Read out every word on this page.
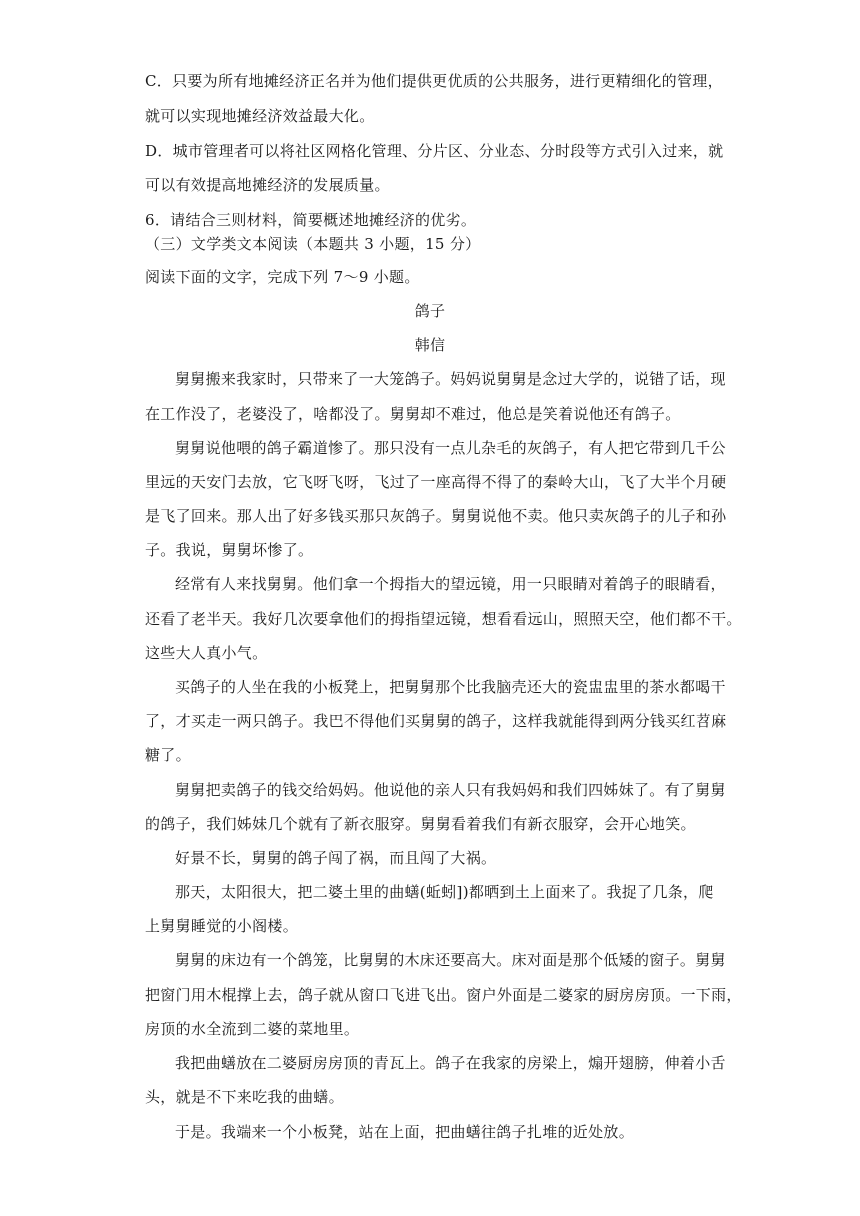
C．只要为所有地摊经济正名并为他们提供更优质的公共服务，进行更精细化的管理，
就可以实现地摊经济效益最大化。
D．城市管理者可以将社区网格化管理、分片区、分业态、分时段等方式引入过来，就
可以有效提高地摊经济的发展质量。
6．请结合三则材料，简要概述地摊经济的优劣。
（三）文学类文本阅读（本题共 3 小题，15 分）
阅读下面的文字，完成下列 7～9 小题。
鸽子
韩信
舅舅搬来我家时，只带来了一大笼鸽子。妈妈说舅舅是念过大学的，说错了话，现
在工作没了，老婆没了，啥都没了。舅舅却不难过，他总是笑着说他还有鸽子。
舅舅说他喂的鸽子霸道惨了。那只没有一点儿杂毛的灰鸽子，有人把它带到几千公
里远的天安门去放，它飞呀飞呀，飞过了一座高得不得了的秦岭大山，飞了大半个月硬
是飞了回来。那人出了好多钱买那只灰鸽子。舅舅说他不卖。他只卖灰鸽子的儿子和孙
子。我说，舅舅坏惨了。
经常有人来找舅舅。他们拿一个拇指大的望远镜，用一只眼睛对着鸽子的眼睛看，
还看了老半天。我好几次要拿他们的拇指望远镜，想看看远山，照照天空，他们都不干。
这些大人真小气。
买鸽子的人坐在我的小板凳上，把舅舅那个比我脑壳还大的瓷盅盅里的茶水都喝干
了，才买走一两只鸽子。我巴不得他们买舅舅的鸽子，这样我就能得到两分钱买红苕麻
糖了。
舅舅把卖鸽子的钱交给妈妈。他说他的亲人只有我妈妈和我们四姊妹了。有了舅舅
的鸽子，我们姊妹几个就有了新衣服穿。舅舅看着我们有新衣服穿，会开心地笑。
好景不长，舅舅的鸽子闯了祸，而且闯了大祸。
那天，太阳很大，把二婆土里的曲蟮(蚯蚓])都晒到土上面来了。我捉了几条，爬
上舅舅睡觉的小阁楼。
舅舅的床边有一个鸽笼，比舅舅的木床还要高大。床对面是那个低矮的窗子。舅舅
把窗门用木棍撑上去，鸽子就从窗口飞进飞出。窗户外面是二婆家的厨房房顶。一下雨，
房顶的水全流到二婆的菜地里。
我把曲蟮放在二婆厨房房顶的青瓦上。鸽子在我家的房梁上，煽开翅膀，伸着小舌
头，就是不下来吃我的曲蟮。
于是。我端来一个小板凳，站在上面，把曲蟮往鸽子扎堆的近处放。
